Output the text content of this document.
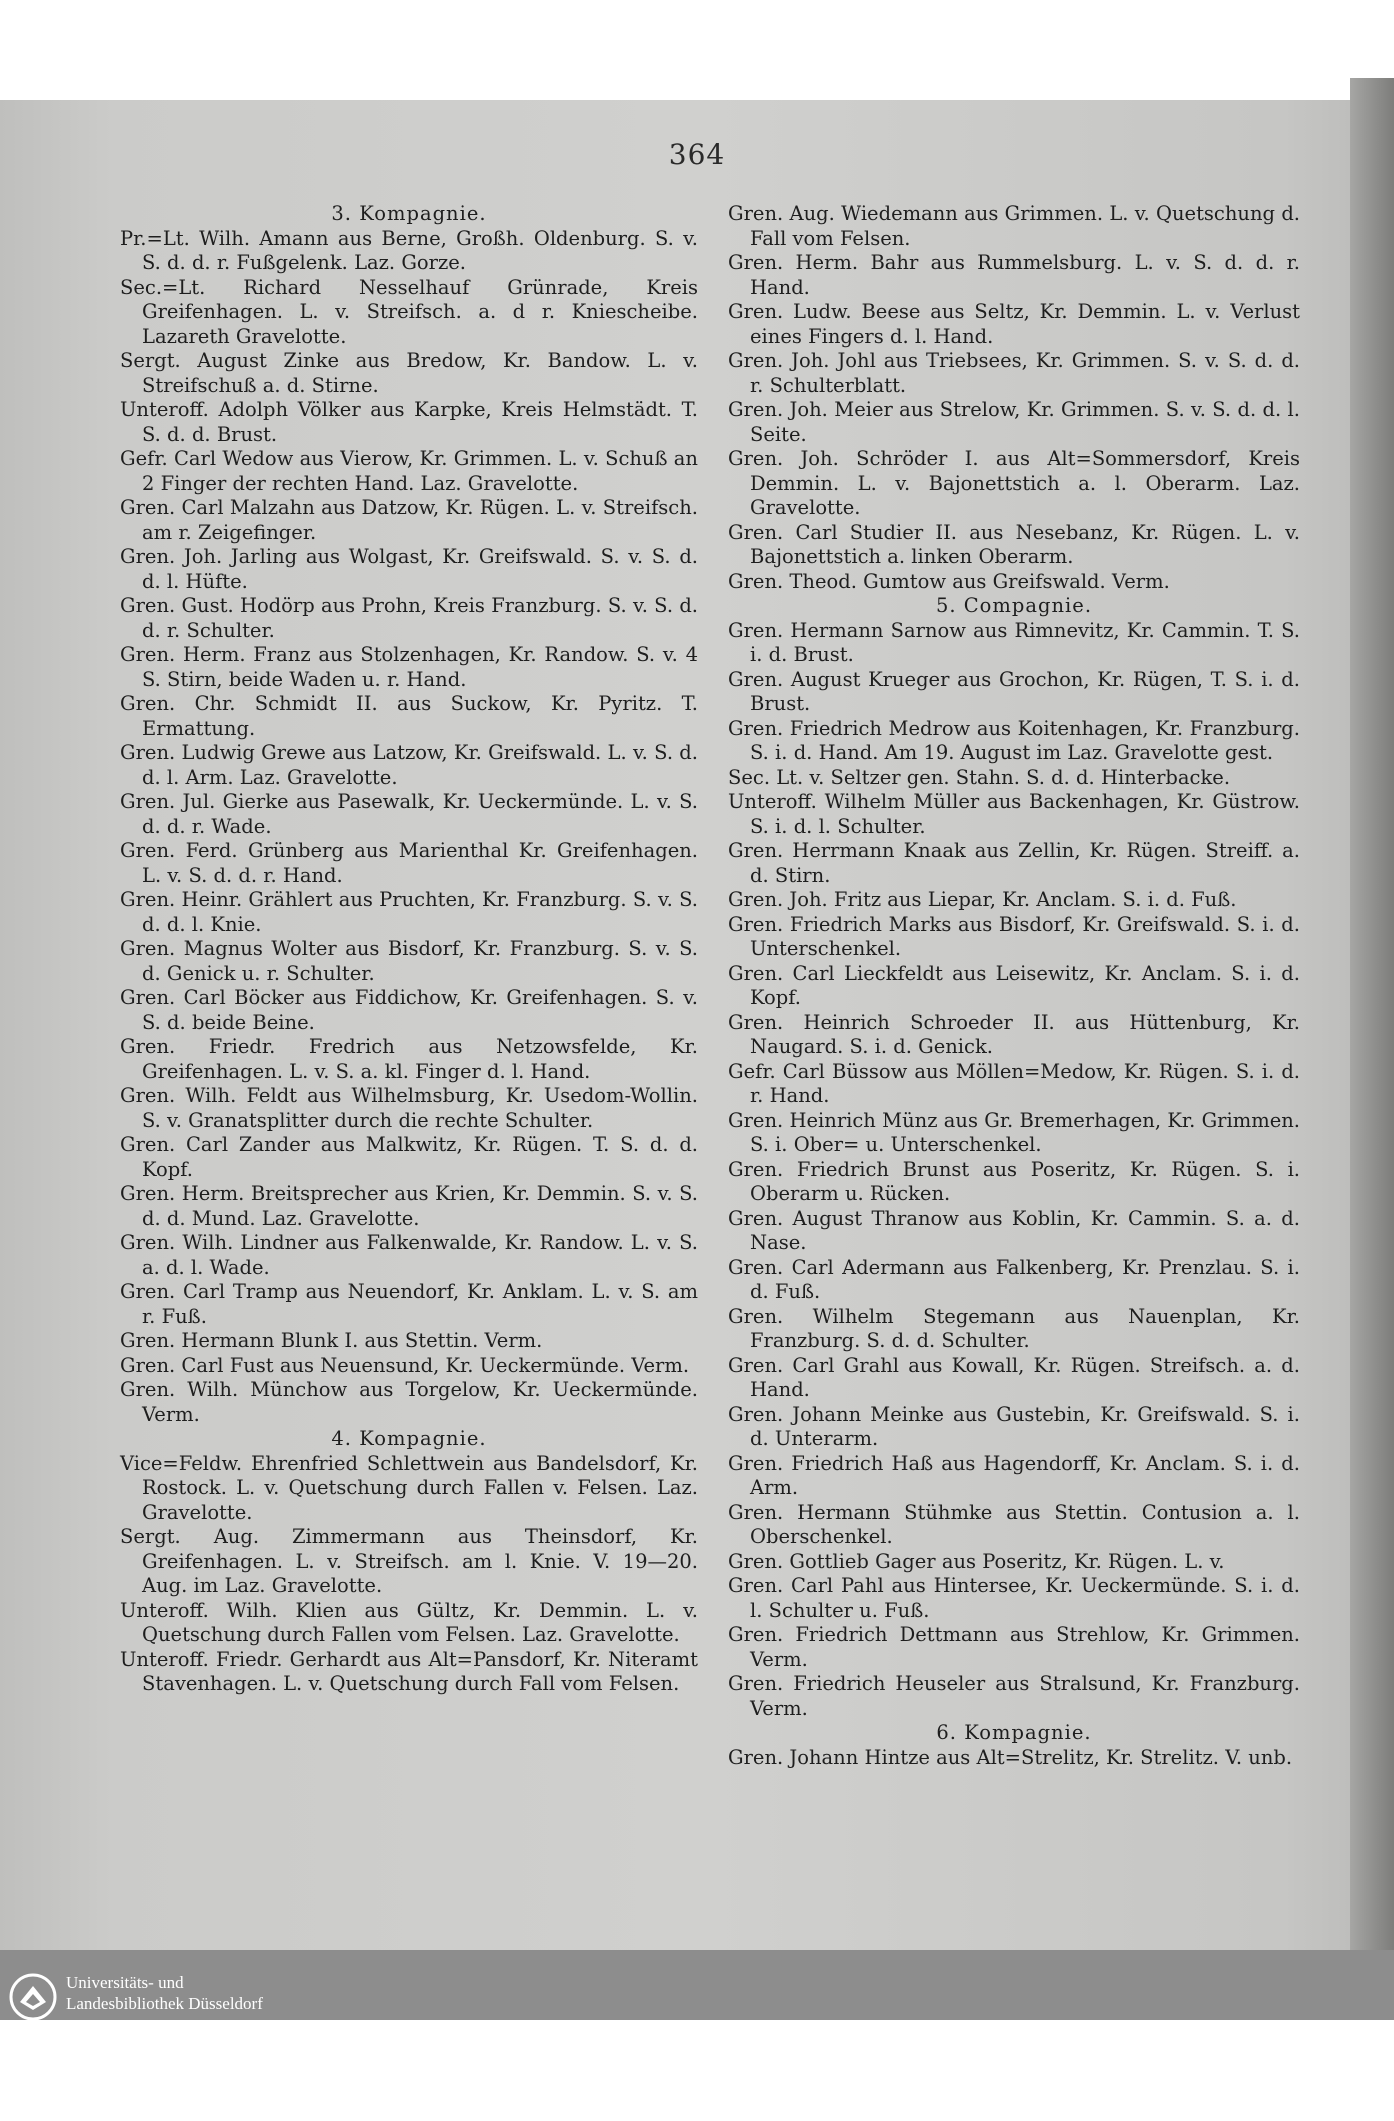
364
3. Kompagnie.
Pr.=Lt. Wilh. Amann aus Berne, Großh. Oldenburg. S. v. S. d. d. r. Fußgelenk. Laz. Gorze.
Sec.=Lt. Richard Nesselhauf Grünrade, Kreis Greifenhagen. L. v. Streifsch. a. d r. Kniescheibe. Lazareth Gravelotte.
Sergt. August Zinke aus Bredow, Kr. Bandow. L. v. Streifschuß a. d. Stirne.
Unteroff. Adolph Völker aus Karpke, Kreis Helmstädt. T. S. d. d. Brust.
Gefr. Carl Wedow aus Vierow, Kr. Grimmen. L. v. Schuß an 2 Finger der rechten Hand. Laz. Gravelotte.
Gren. Carl Malzahn aus Datzow, Kr. Rügen. L. v. Streifsch. am r. Zeigefinger.
Gren. Joh. Jarling aus Wolgast, Kr. Greifswald. S. v. S. d. d. l. Hüfte.
Gren. Gust. Hodörp aus Prohn, Kreis Franzburg. S. v. S. d. d. r. Schulter.
Gren. Herm. Franz aus Stolzenhagen, Kr. Randow. S. v. 4 S. Stirn, beide Waden u. r. Hand.
Gren. Chr. Schmidt II. aus Suckow, Kr. Pyritz. T. Ermattung.
Gren. Ludwig Grewe aus Latzow, Kr. Greifswald. L. v. S. d. d. l. Arm. Laz. Gravelotte.
Gren. Jul. Gierke aus Pasewalk, Kr. Ueckermünde. L. v. S. d. d. r. Wade.
Gren. Ferd. Grünberg aus Marienthal Kr. Greifenhagen. L. v. S. d. d. r. Hand.
Gren. Heinr. Grählert aus Pruchten, Kr. Franzburg. S. v. S. d. d. l. Knie.
Gren. Magnus Wolter aus Bisdorf, Kr. Franzburg. S. v. S. d. Genick u. r. Schulter.
Gren. Carl Böcker aus Fiddichow, Kr. Greifenhagen. S. v. S. d. beide Beine.
Gren. Friedr. Fredrich aus Netzowsfelde, Kr. Greifenhagen. L. v. S. a. kl. Finger d. l. Hand.
Gren. Wilh. Feldt aus Wilhelmsburg, Kr. Usedom-Wollin. S. v. Granatsplitter durch die rechte Schulter.
Gren. Carl Zander aus Malkwitz, Kr. Rügen. T. S. d. d. Kopf.
Gren. Herm. Breitsprecher aus Krien, Kr. Demmin. S. v. S. d. d. Mund. Laz. Gravelotte.
Gren. Wilh. Lindner aus Falkenwalde, Kr. Randow. L. v. S. a. d. l. Wade.
Gren. Carl Tramp aus Neuendorf, Kr. Anklam. L. v. S. am r. Fuß.
Gren. Hermann Blunk I. aus Stettin. Verm.
Gren. Carl Fust aus Neuensund, Kr. Ueckermünde. Verm.
Gren. Wilh. Münchow aus Torgelow, Kr. Ueckermünde. Verm.
4. Kompagnie.
Vice=Feldw. Ehrenfried Schlettwein aus Bandelsdorf, Kr. Rostock. L. v. Quetschung durch Fallen v. Felsen. Laz. Gravelotte.
Sergt. Aug. Zimmermann aus Theinsdorf, Kr. Greifenhagen. L. v. Streifsch. am l. Knie. V. 19—20. Aug. im Laz. Gravelotte.
Unteroff. Wilh. Klien aus Gültz, Kr. Demmin. L. v. Quetschung durch Fallen vom Felsen. Laz. Gravelotte.
Unteroff. Friedr. Gerhardt aus Alt=Pansdorf, Kr. Niteramt Stavenhagen. L. v. Quetschung durch Fall vom Felsen.
Gren. Aug. Wiedemann aus Grimmen. L. v. Quetschung d. Fall vom Felsen.
Gren. Herm. Bahr aus Rummelsburg. L. v. S. d. d. r. Hand.
Gren. Ludw. Beese aus Seltz, Kr. Demmin. L. v. Verlust eines Fingers d. l. Hand.
Gren. Joh. Johl aus Triebsees, Kr. Grimmen. S. v. S. d. d. r. Schulterblatt.
Gren. Joh. Meier aus Strelow, Kr. Grimmen. S. v. S. d. d. l. Seite.
Gren. Joh. Schröder I. aus Alt=Sommersdorf, Kreis Demmin. L. v. Bajonettstich a. l. Oberarm. Laz. Gravelotte.
Gren. Carl Studier II. aus Nesebanz, Kr. Rügen. L. v. Bajonettstich a. linken Oberarm.
Gren. Theod. Gumtow aus Greifswald. Verm.
5. Compagnie.
Gren. Hermann Sarnow aus Rimnevitz, Kr. Cammin. T. S. i. d. Brust.
Gren. August Krueger aus Grochon, Kr. Rügen, T. S. i. d. Brust.
Gren. Friedrich Medrow aus Koitenhagen, Kr. Franzburg. S. i. d. Hand. Am 19. August im Laz. Gravelotte gest.
Sec. Lt. v. Seltzer gen. Stahn. S. d. d. Hinterbacke.
Unteroff. Wilhelm Müller aus Backenhagen, Kr. Güstrow. S. i. d. l. Schulter.
Gren. Herrmann Knaak aus Zellin, Kr. Rügen. Streiff. a. d. Stirn.
Gren. Joh. Fritz aus Liepar, Kr. Anclam. S. i. d. Fuß.
Gren. Friedrich Marks aus Bisdorf, Kr. Greifswald. S. i. d. Unterschenkel.
Gren. Carl Lieckfeldt aus Leisewitz, Kr. Anclam. S. i. d. Kopf.
Gren. Heinrich Schroeder II. aus Hüttenburg, Kr. Naugard. S. i. d. Genick.
Gefr. Carl Büssow aus Möllen=Medow, Kr. Rügen. S. i. d. r. Hand.
Gren. Heinrich Münz aus Gr. Bremerhagen, Kr. Grimmen. S. i. Ober= u. Unterschenkel.
Gren. Friedrich Brunst aus Poseritz, Kr. Rügen. S. i. Oberarm u. Rücken.
Gren. August Thranow aus Koblin, Kr. Cammin. S. a. d. Nase.
Gren. Carl Adermann aus Falkenberg, Kr. Prenzlau. S. i. d. Fuß.
Gren. Wilhelm Stegemann aus Nauenplan, Kr. Franzburg. S. d. d. Schulter.
Gren. Carl Grahl aus Kowall, Kr. Rügen. Streifsch. a. d. Hand.
Gren. Johann Meinke aus Gustebin, Kr. Greifswald. S. i. d. Unterarm.
Gren. Friedrich Haß aus Hagendorff, Kr. Anclam. S. i. d. Arm.
Gren. Hermann Stühmke aus Stettin. Contusion a. l. Oberschenkel.
Gren. Gottlieb Gager aus Poseritz, Kr. Rügen. L. v.
Gren. Carl Pahl aus Hintersee, Kr. Ueckermünde. S. i. d. l. Schulter u. Fuß.
Gren. Friedrich Dettmann aus Strehlow, Kr. Grimmen. Verm.
Gren. Friedrich Heuseler aus Stralsund, Kr. Franzburg. Verm.
6. Kompagnie.
Gren. Johann Hintze aus Alt=Strelitz, Kr. Strelitz. V. unb.
Universitäts- und
Landesbibliothek Düsseldorf
